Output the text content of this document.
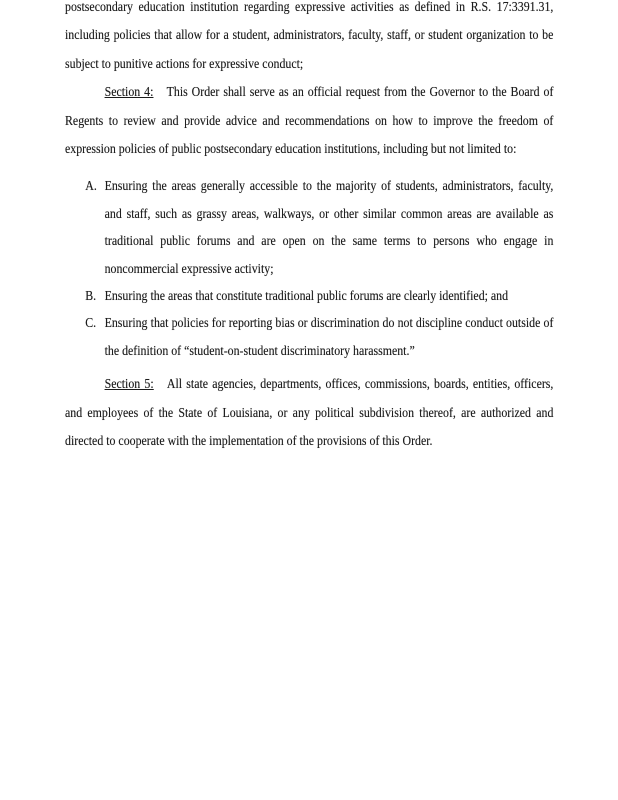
postsecondary education institution regarding expressive activities as defined in R.S. 17:3391.31, including policies that allow for a student, administrators, faculty, staff, or student organization to be subject to punitive actions for expressive conduct;

Section 4: This Order shall serve as an official request from the Governor to the Board of Regents to review and provide advice and recommendations on how to improve the freedom of expression policies of public postsecondary education institutions, including but not limited to:

A. Ensuring the areas generally accessible to the majority of students, administrators, faculty, and staff, such as grassy areas, walkways, or other similar common areas are available as traditional public forums and are open on the same terms to persons who engage in noncommercial expressive activity;
B. Ensuring the areas that constitute traditional public forums are clearly identified; and
C. Ensuring that policies for reporting bias or discrimination do not discipline conduct outside of the definition of “student-on-student discriminatory harassment.”

Section 5: All state agencies, departments, offices, commissions, boards, entities, officers, and employees of the State of Louisiana, or any political subdivision thereof, are authorized and directed to cooperate with the implementation of the provisions of this Order.
